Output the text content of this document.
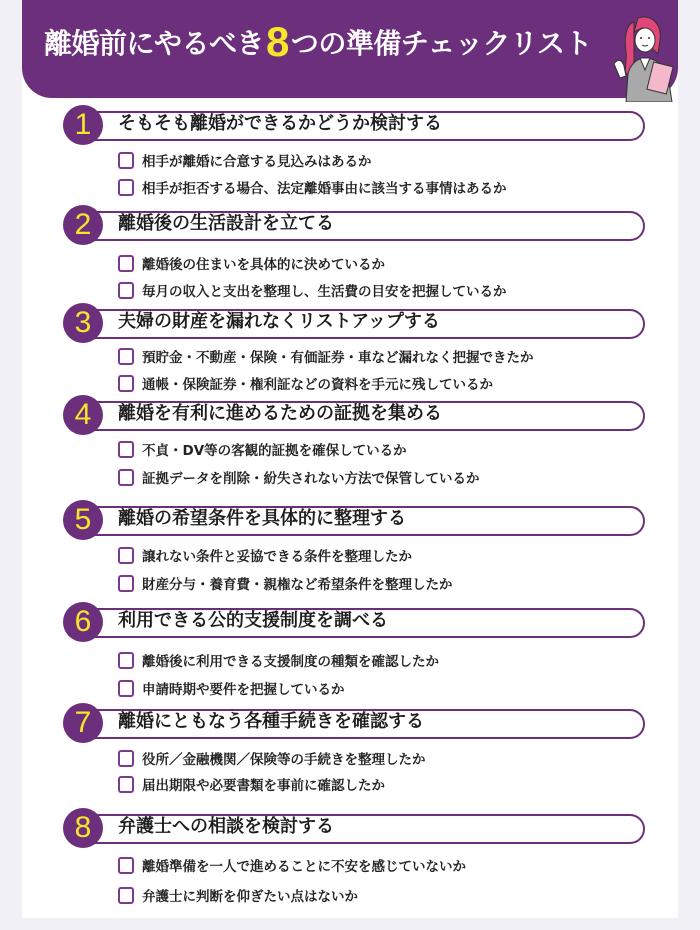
離婚前にやるべき8つの準備チェックリスト
そもそも離婚ができるかどうか検討する
1
相手が離婚に合意する見込みはあるか
相手が拒否する場合、法定離婚事由に該当する事情はあるか
離婚後の生活設計を立てる
2
離婚後の住まいを具体的に決めているか
毎月の収入と支出を整理し、生活費の目安を把握しているか
夫婦の財産を漏れなくリストアップする
3
預貯金・不動産・保険・有価証券・車など漏れなく把握できたか
通帳・保険証券・権利証などの資料を手元に残しているか
離婚を有利に進めるための証拠を集める
4
不貞・DV等の客観的証拠を確保しているか
証拠データを削除・紛失されない方法で保管しているか
離婚の希望条件を具体的に整理する
5
譲れない条件と妥協できる条件を整理したか
財産分与・養育費・親権など希望条件を整理したか
利用できる公的支援制度を調べる
6
離婚後に利用できる支援制度の種類を確認したか
申請時期や要件を把握しているか
離婚にともなう各種手続きを確認する
7
役所／金融機関／保険等の手続きを整理したか
届出期限や必要書類を事前に確認したか
弁護士への相談を検討する
8
離婚準備を一人で進めることに不安を感じていないか
弁護士に判断を仰ぎたい点はないか
